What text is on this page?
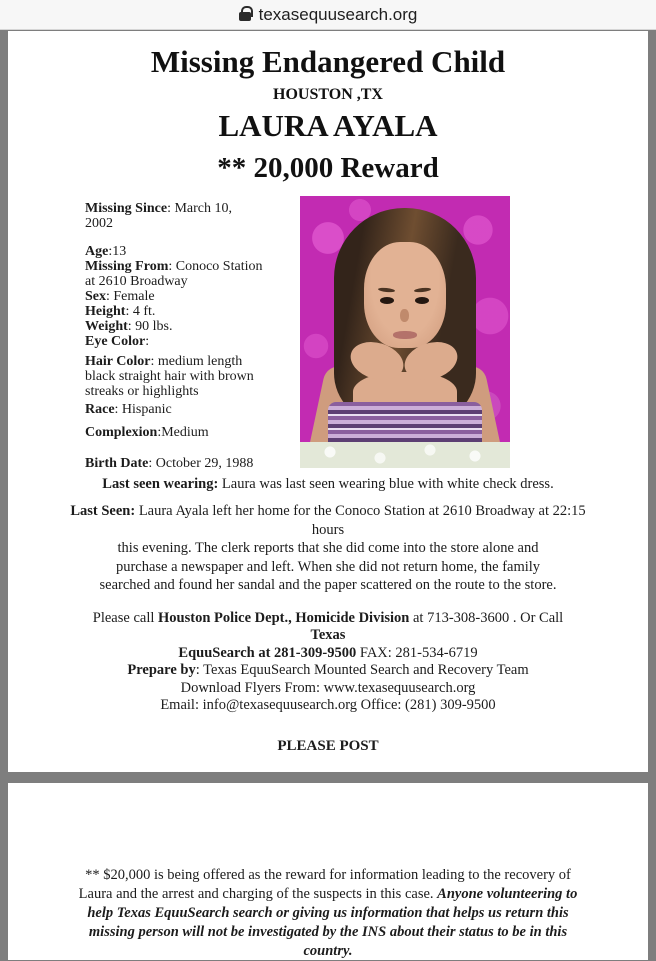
texasequusearch.org
Missing Endangered Child
HOUSTON ,TX
LAURA AYALA
** 20,000 Reward
Missing Since: March 10, 2002
Age:13
Missing From: Conoco Station at 2610 Broadway
Sex: Female
Height: 4 ft.
Weight: 90 lbs.
Eye Color:
Hair Color: medium length black straight hair with brown streaks or highlights
Race: Hispanic
Complexion:Medium
Birth Date: October 29, 1988

Last seen wearing: Laura was last seen wearing blue with white check dress.

Last Seen: Laura Ayala left her home for the Conoco Station at 2610 Broadway at 22:15 hours
this evening. The clerk reports that she did come into the store alone and
purchase a newspaper and left. When she did not return home, the family
searched and found her sandal and the paper scattered on the route to the store.

Please call Houston Police Dept., Homicide Division at 713-308-3600 . Or Call Texas
EquuSearch at 281-309-9500 FAX: 281-534-6719
Prepare by: Texas EquuSearch Mounted Search and Recovery Team
Download Flyers From: www.texasequusearch.org
Email: info@texasequusearch.org Office: (281) 309-9500

PLEASE POST

** $20,000 is being offered as the reward for information leading to the recovery of Laura and the arrest and charging of the suspects in this case. Anyone volunteering to help Texas EquuSearch search or giving us information that helps us return this missing person will not be investigated by the INS about their status to be in this country.
